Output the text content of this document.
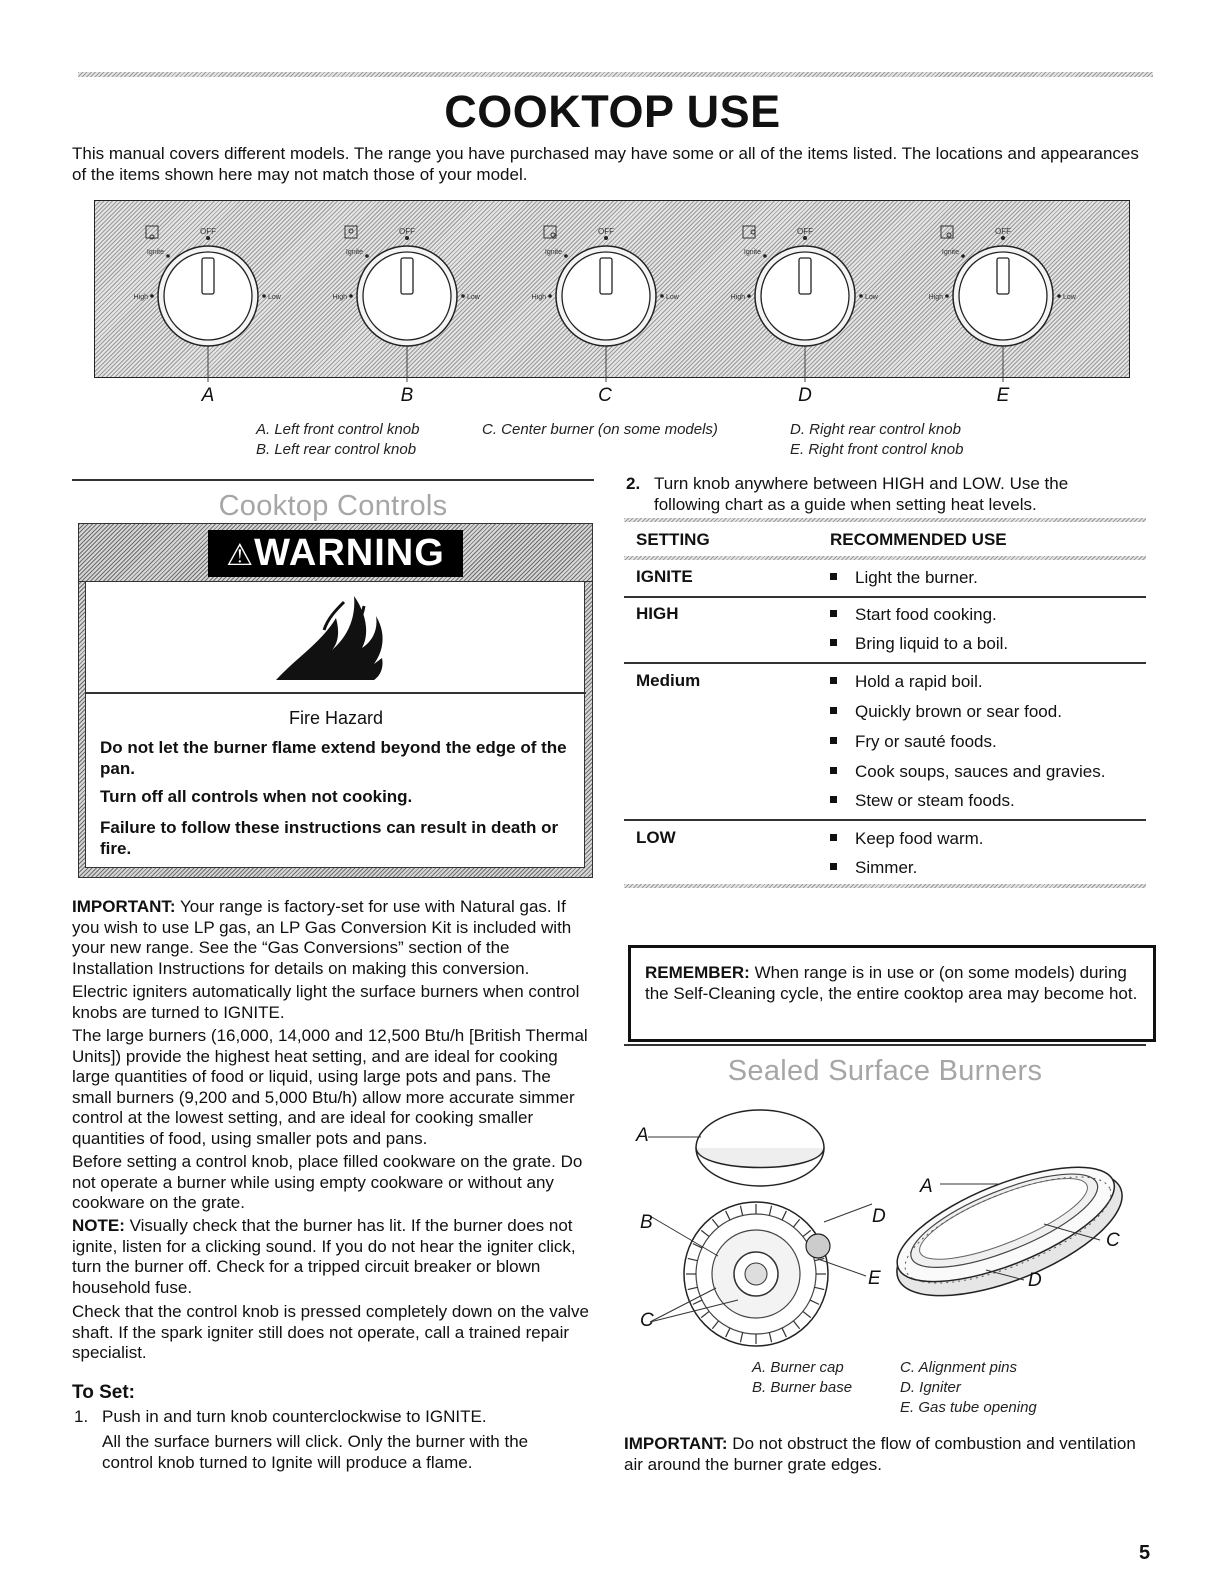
COOKTOP USE
This manual covers different models. The range you have purchased may have some or all of the items listed. The locations and appearances of the items shown here may not match those of your model.
OFF
Ignite
High	Low
OFF
Ignite
High	Low
OFF
Ignite
High	Low
OFF
Ignite
High	Low
OFF
Ignite
High	Low
A	B	C	D	E
A. Left front control knob
B. Left rear control knob
C. Center burner (on some models)	D. Right rear control knob
E. Right front control knob
Cooktop Controls
⚠WARNING
Fire Hazard
Do not let the burner flame extend beyond the edge of the pan.
Turn off all controls when not cooking.
Failure to follow these instructions can result in death or fire.
IMPORTANT: Your range is factory-set for use with Natural gas. If you wish to use LP gas, an LP Gas Conversion Kit is included with your new range. See the “Gas Conversions” section of the Installation Instructions for details on making this conversion.
Electric igniters automatically light the surface burners when control knobs are turned to IGNITE.
The large burners (16,000, 14,000 and 12,500 Btu/h [British Thermal Units]) provide the highest heat setting, and are ideal for cooking large quantities of food or liquid, using large pots and pans. The small burners (9,200 and 5,000 Btu/h) allow more accurate simmer control at the lowest setting, and are ideal for cooking smaller quantities of food, using smaller pots and pans.
Before setting a control knob, place filled cookware on the grate. Do not operate a burner while using empty cookware or without any cookware on the grate.
NOTE: Visually check that the burner has lit. If the burner does not ignite, listen for a clicking sound. If you do not hear the igniter click, turn the burner off. Check for a tripped circuit breaker or blown household fuse.
Check that the control knob is pressed completely down on the valve shaft. If the spark igniter still does not operate, call a trained repair specialist.
To Set:
1. Push in and turn knob counterclockwise to IGNITE.
All the surface burners will click. Only the burner with the control knob turned to Ignite will produce a flame.
2. Turn knob anywhere between HIGH and LOW. Use the following chart as a guide when setting heat levels.
SETTING	RECOMMENDED USE
IGNITE	Light the burner.
HIGH	Start food cooking.
Bring liquid to a boil.
Medium	Hold a rapid boil.
Quickly brown or sear food.
Fry or sauté foods.
Cook soups, sauces and gravies.
Stew or steam foods.
LOW	Keep food warm.
Simmer.
REMEMBER: When range is in use or (on some models) during the Self-Cleaning cycle, the entire cooktop area may become hot.
Sealed Surface Burners
A
B	D
E
C
A
C
D
A. Burner cap
B. Burner base
C. Alignment pins
D. Igniter
E. Gas tube opening
IMPORTANT: Do not obstruct the flow of combustion and ventilation air around the burner grate edges.
5
